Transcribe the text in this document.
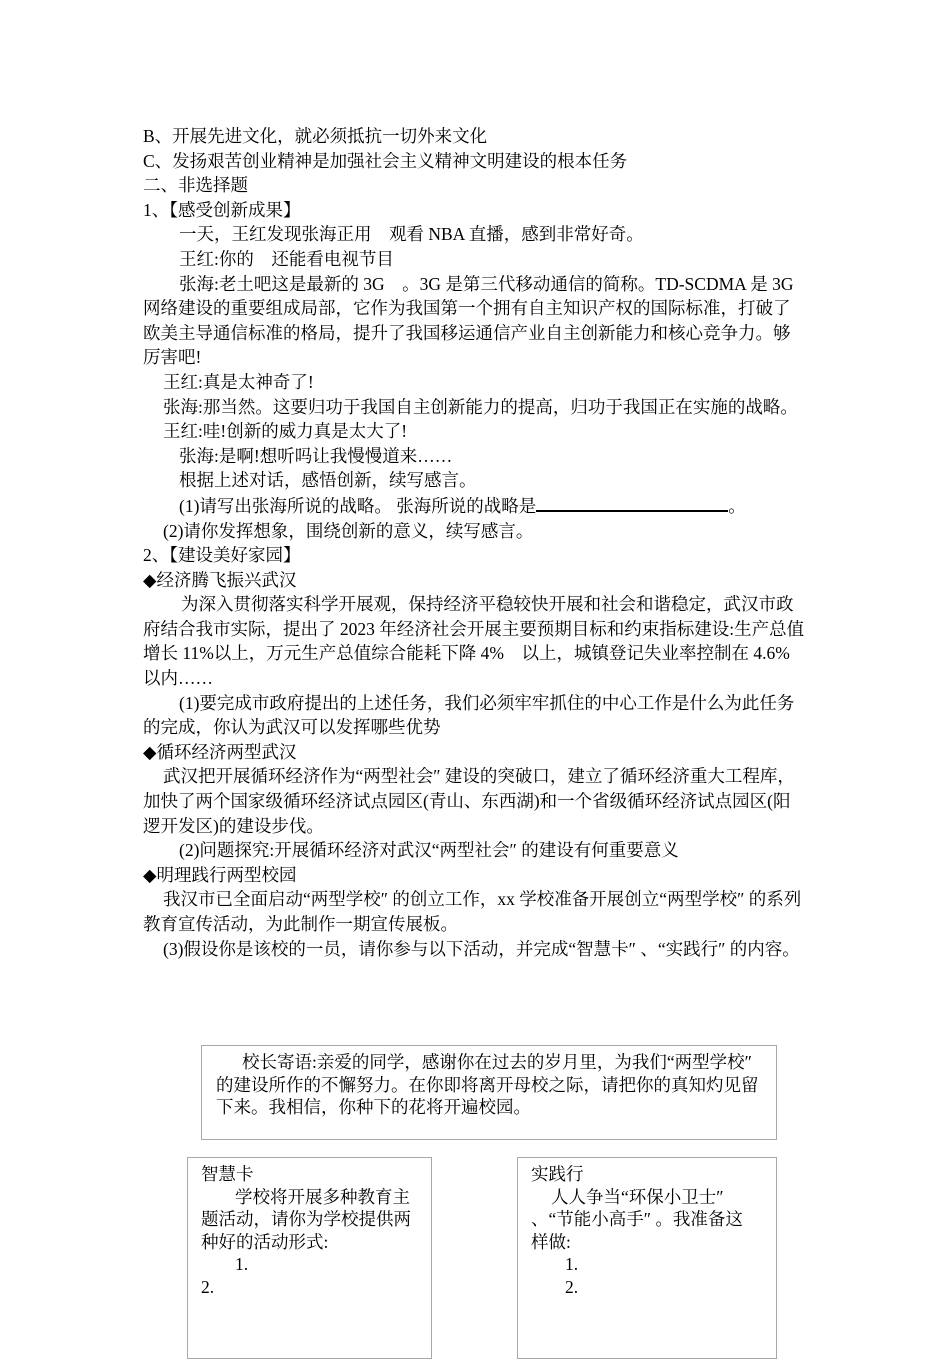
B、开展先进文化，就必须抵抗一切外来文化

C、发扬艰苦创业精神是加强社会主义精神文明建设的根本任务

二、非选择题

1、【感受创新成果】

一天，王红发现张海正用　观看 NBA 直播，感到非常好奇。

王红:你的　还能看电视节目

张海:老土吧这是最新的 3G　。3G 是第三代移动通信的简称。TD-SCDMA 是 3G 网络建设的重要组成局部，它作为我国第一个拥有自主知识产权的国际标准，打破了欧美主导通信标准的格局，提升了我国移运通信产业自主创新能力和核心竞争力。够厉害吧!

王红:真是太神奇了!

张海:那当然。这要归功于我国自主创新能力的提高，归功于我国正在实施的战略。

王红:哇!创新的威力真是太大了!

张海:是啊!想听吗让我慢慢道来……

根据上述对话，感悟创新，续写感言。

(1)请写出张海所说的战略。 张海所说的战略是	。

(2)请你发挥想象，围绕创新的意义，续写感言。

2、【建设美好家园】

◆经济腾飞振兴武汉

为深入贯彻落实科学开展观，保持经济平稳较快开展和社会和谐稳定，武汉市政府结合我市实际，提出了 2023 年经济社会开展主要预期目标和约束指标建设:生产总值增长 11%以上，万元生产总值综合能耗下降 4%　以上，城镇登记失业率控制在 4.6%以内……

(1)要完成市政府提出的上述任务，我们必须牢牢抓住的中心工作是什么为此任务的完成，你认为武汉可以发挥哪些优势

◆循环经济两型武汉

武汉把开展循环经济作为“两型社会″ 建设的突破口，建立了循环经济重大工程库，加快了两个国家级循环经济试点园区(青山、东西湖)和一个省级循环经济试点园区(阳逻开发区)的建设步伐。

(2)问题探究:开展循环经济对武汉“两型社会″ 的建设有何重要意义

◆明理践行两型校园

我汉市已全面启动“两型学校″ 的创立工作，xx 学校准备开展创立“两型学校″ 的系列教育宣传活动，为此制作一期宣传展板。

(3)假设你是该校的一员，请你参与以下活动，并完成“智慧卡″ 、“实践行″ 的内容。

校长寄语:亲爱的同学，感谢你在过去的岁月里，为我们“两型学校″ 的建设所作的不懈努力。在你即将离开母校之际，请把你的真知灼见留下来。我相信，你种下的花将开遍校园。

智慧卡

学校将开展多种教育主题活动，请你为学校提供两种好的活动形式:

1.

2.

实践行

人人争当“环保小卫士″ 、“节能小高手″ 。我准备这样做:

1.

2.
